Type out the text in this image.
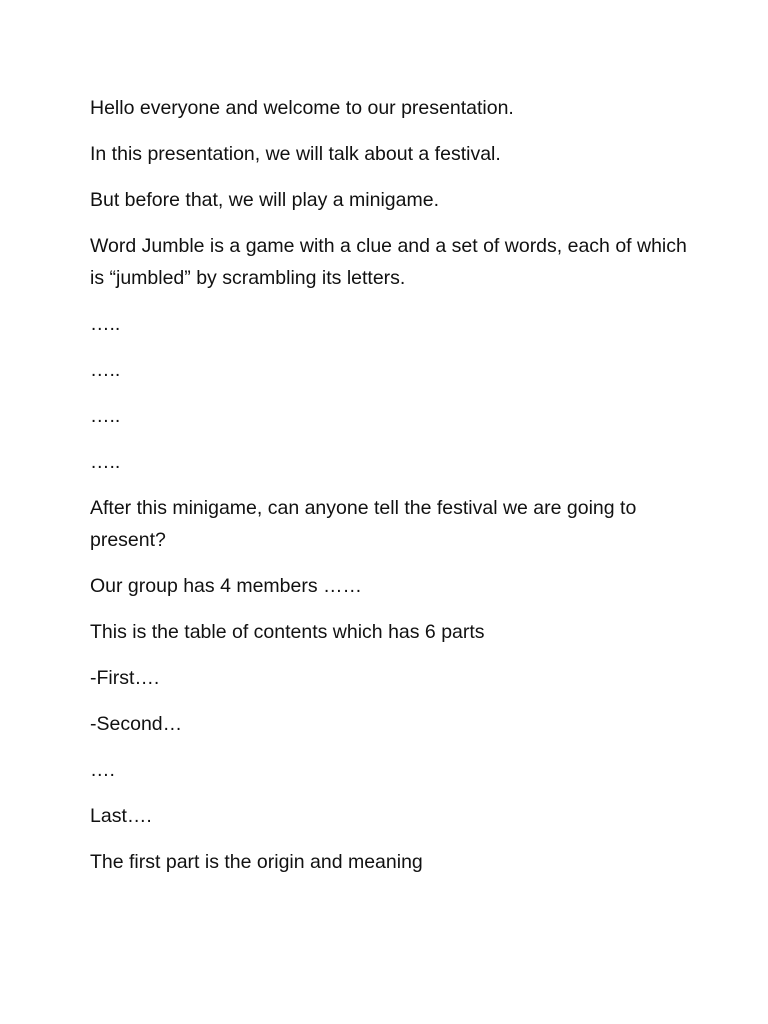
Hello everyone and welcome to our presentation.

In this presentation, we will talk about a festival.

But before that, we will play a minigame.

Word Jumble is a game with a clue and a set of words, each of which is “jumbled” by scrambling its letters.

…..

…..

…..

…..

After this minigame, can anyone tell the festival we are going to present?

Our group has 4 members ……

This is the table of contents which has 6 parts

-First….

-Second…

….

Last….

The first part is the origin and meaning
